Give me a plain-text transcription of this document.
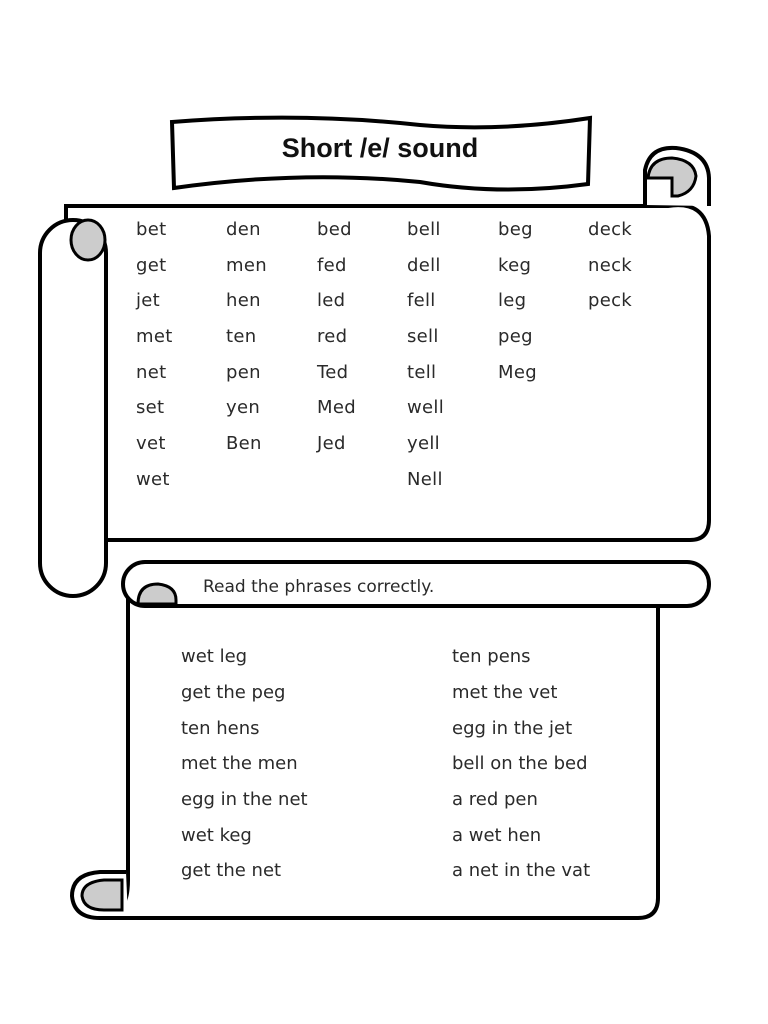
Short /e/ sound
bet
get
jet
met
net
set
vet
wet
den
men
hen
ten
pen
yen
Ben
bed
fed
led
red
Ted
Med
Jed
bell
dell
fell
sell
tell
well
yell
Nell
beg
keg
leg
peg
Meg
deck
neck
peck
Read the phrases correctly.
wet leg
get the peg
ten hens
met the men
egg in the net
wet keg
get the net
ten pens
met the vet
egg in the jet
bell on the bed
a red pen
a wet hen
a net in the vat
